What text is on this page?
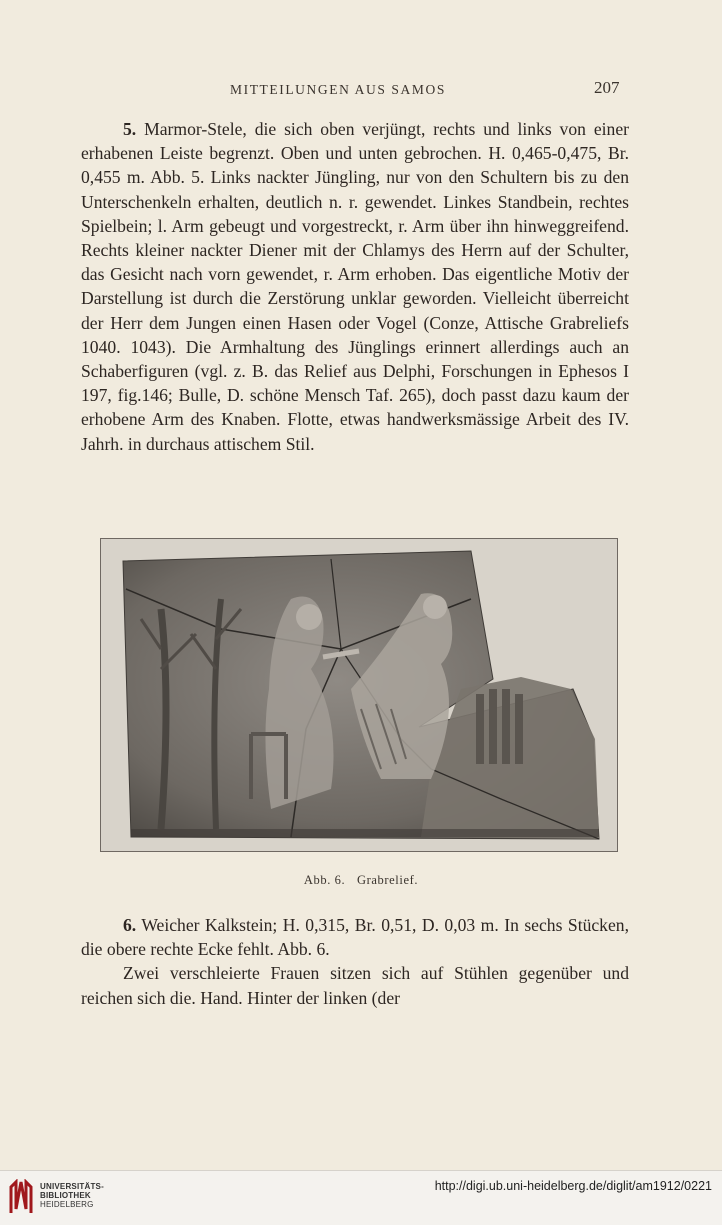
MITTEILUNGEN AUS SAMOS	207
5. Marmor-Stele, die sich oben verjüngt, rechts und links von einer erhabenen Leiste begrenzt. Oben und unten gebrochen. H. 0,465-0,475, Br. 0,455 m. Abb. 5. Links nackter Jüngling, nur von den Schultern bis zu den Unterschenkeln erhalten, deutlich n. r. gewendet. Linkes Standbein, rechtes Spielbein; l. Arm gebeugt und vorgestreckt, r. Arm über ihn hinweggreifend. Rechts kleiner nackter Diener mit der Chlamys des Herrn auf der Schulter, das Gesicht nach vorn gewendet, r. Arm erhoben. Das eigentliche Motiv der Darstellung ist durch die Zerstörung unklar geworden. Vielleicht überreicht der Herr dem Jungen einen Hasen oder Vogel (Conze, Attische Grabreliefs 1040. 1043). Die Armhaltung des Jünglings erinnert allerdings auch an Schaberfiguren (vgl. z. B. das Relief aus Delphi, Forschungen in Ephesos I 197, fig.146; Bulle, D. schöne Mensch Taf. 265), doch passt dazu kaum der erhobene Arm des Knaben. Flotte, etwas handwerksmässige Arbeit des IV. Jahrh. in durchaus attischem Stil.
Abb. 6. Grabrelief.
6. Weicher Kalkstein; H. 0,315, Br. 0,51, D. 0,03 m. In sechs Stücken, die obere rechte Ecke fehlt. Abb. 6.
Zwei verschleierte Frauen sitzen sich auf Stühlen gegenüber und reichen sich die. Hand. Hinter der linken (der
UNIVERSITÄTS-
BIBLIOTHEK
HEIDELBERG
http://digi.ub.uni-heidelberg.de/diglit/am1912/0221
